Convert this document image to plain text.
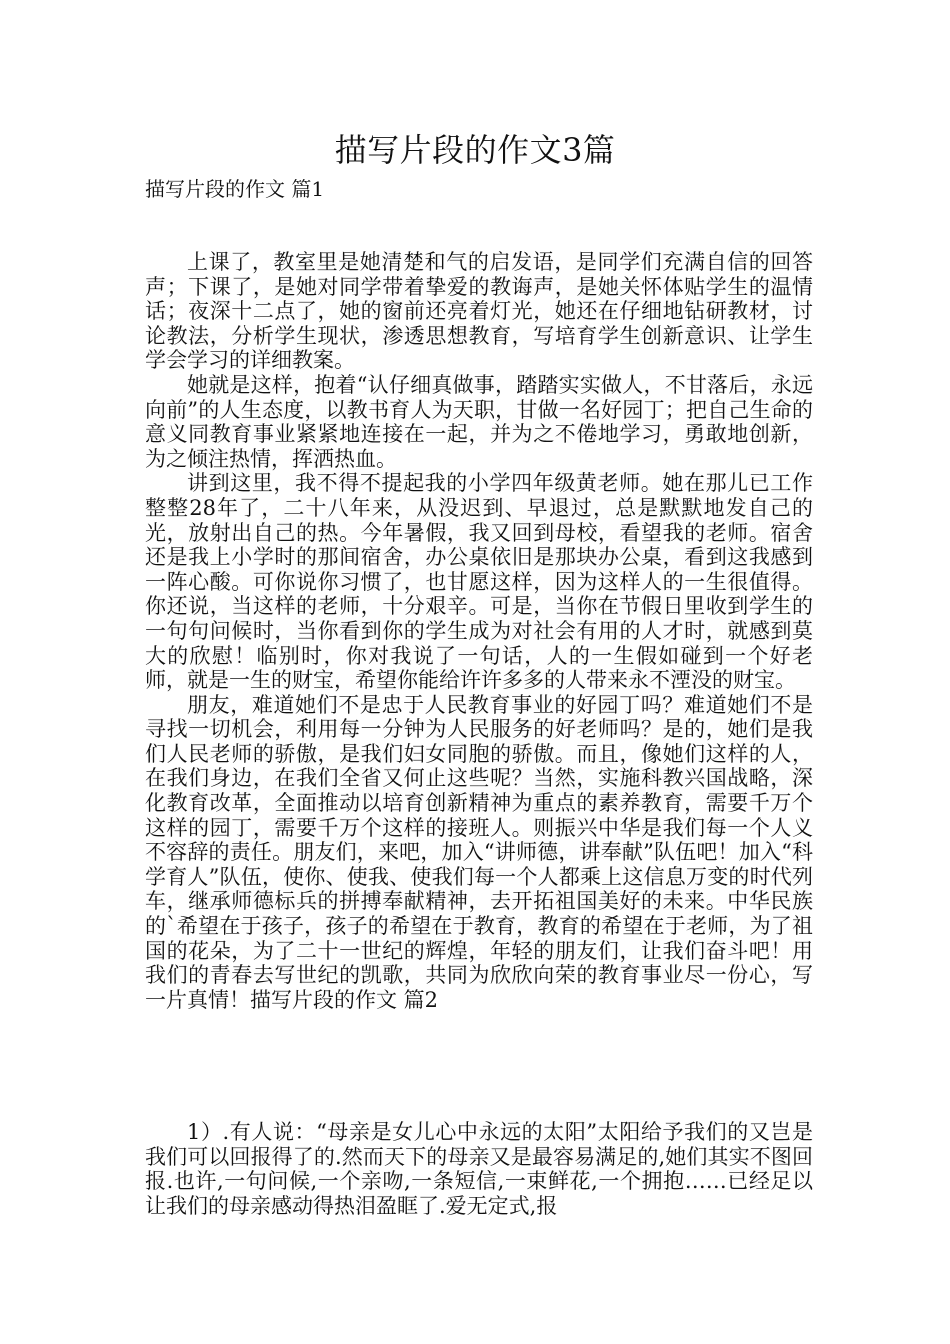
描写片段的作文3篇
描写片段的作文 篇1

上课了，教室里是她清楚和气的启发语，是同学们充满自信的回答声；下课了，是她对同学带着挚爱的教诲声，是她关怀体贴学生的温情话；夜深十二点了，她的窗前还亮着灯光，她还在仔细地钻研教材，讨论教法，分析学生现状，渗透思想教育，写培育学生创新意识、让学生学会学习的详细教案。

她就是这样，抱着“认仔细真做事，踏踏实实做人，不甘落后，永远向前”的人生态度，以教书育人为天职，甘做一名好园丁；把自己生命的意义同教育事业紧紧地连接在一起，并为之不倦地学习，勇敢地创新，为之倾注热情，挥洒热血。

讲到这里，我不得不提起我的小学四年级黄老师。她在那儿已工作整整28年了，二十八年来，从没迟到、早退过，总是默默地发自己的光，放射出自己的热。今年暑假，我又回到母校，看望我的老师。宿舍还是我上小学时的那间宿舍，办公桌依旧是那块办公桌，看到这我感到一阵心酸。可你说你习惯了，也甘愿这样，因为这样人的一生很值得。你还说，当这样的老师，十分艰辛。可是，当你在节假日里收到学生的一句句问候时，当你看到你的学生成为对社会有用的人才时，就感到莫大的欣慰！临别时，你对我说了一句话，人的一生假如碰到一个好老师，就是一生的财宝，希望你能给许许多多的人带来永不湮没的财宝。

朋友，难道她们不是忠于人民教育事业的好园丁吗？难道她们不是寻找一切机会，利用每一分钟为人民服务的好老师吗？是的，她们是我们人民老师的骄傲，是我们妇女同胞的骄傲。而且，像她们这样的人，在我们身边，在我们全省又何止这些呢？当然，实施科教兴国战略，深化教育改革，全面推动以培育创新精神为重点的素养教育，需要千万个这样的园丁，需要千万个这样的接班人。则振兴中华是我们每一个人义不容辞的责任。朋友们，来吧，加入“讲师德，讲奉献”队伍吧！加入“科学育人”队伍，使你、使我、使我们每一个人都乘上这信息万变的时代列车，继承师德标兵的拼搏奉献精神，去开拓祖国美好的未来。中华民族的`希望在于孩子，孩子的希望在于教育，教育的希望在于老师，为了祖国的花朵，为了二十一世纪的辉煌，年轻的朋友们，让我们奋斗吧！用我们的青春去写世纪的凯歌，共同为欣欣向荣的教育事业尽一份心，写一片真情！描写片段的作文 篇2

1）.有人说：“母亲是女儿心中永远的太阳”太阳给予我们的又岂是我们可以回报得了的.然而天下的母亲又是最容易满足的,她们其实不图回报.也许,一句问候,一个亲吻,一条短信,一束鲜花,一个拥抱……已经足以让我们的母亲感动得热泪盈眶了.爱无定式,报
